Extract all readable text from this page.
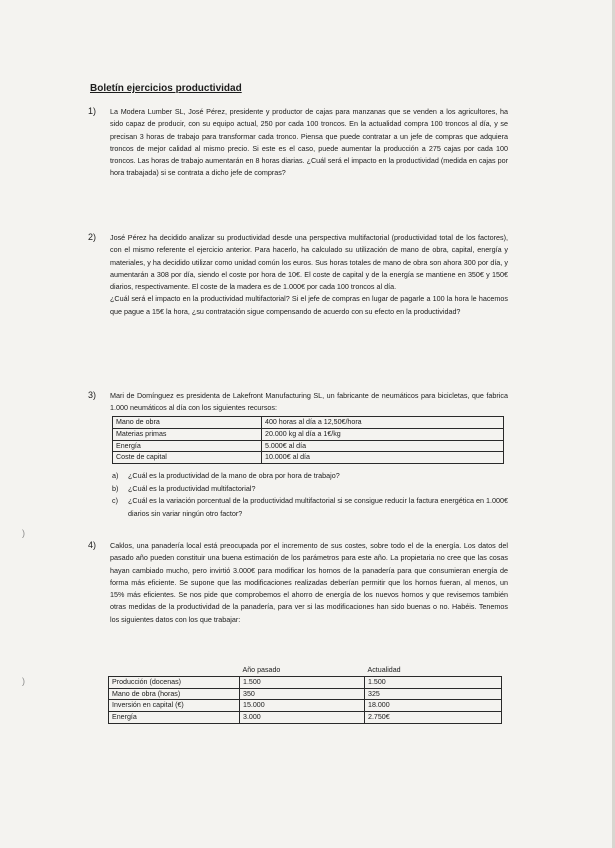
Boletín ejercicios productividad
1) La Modera Lumber SL, José Pérez, presidente y productor de cajas para manzanas que se venden a los agricultores, ha sido capaz de producir, con su equipo actual, 250 por cada 100 troncos. En la actualidad compra 100 troncos al día, y se precisan 3 horas de trabajo para transformar cada tronco. Piensa que puede contratar a un jefe de compras que adquiera troncos de mejor calidad al mismo precio. Si este es el caso, puede aumentar la producción a 275 cajas por cada 100 troncos. Las horas de trabajo aumentarán en 8 horas diarias. ¿Cuál será el impacto en la productividad (medida en cajas por hora trabajada) si se contrata a dicho jefe de compras?

2) José Pérez ha decidido analizar su productividad desde una perspectiva multifactorial (productividad total de los factores), con el mismo referente el ejercicio anterior. Para hacerlo, ha calculado su utilización de mano de obra, capital, energía y materiales, y ha decidido utilizar como unidad común los euros. Sus horas totales de mano de obra son ahora 300 por día, y aumentarán a 308 por día, siendo el coste por hora de 10€. El coste de capital y de la energía se mantiene en 350€ y 150€ diarios, respectivamente. El coste de la madera es de 1.000€ por cada 100 troncos al día.

¿Cuál será el impacto en la productividad multifactorial? Si el jefe de compras en lugar de pagarle a 100 la hora le hacemos que pague a 15€ la hora, ¿su contratación sigue compensando de acuerdo con su efecto en la productividad?

3) Mari de Domínguez es presidenta de Lakefront Manufacturing SL, un fabricante de neumáticos para bicicletas, que fabrica 1.000 neumáticos al día con los siguientes recursos:

Mano de obra	400 horas al día a 12,50€/hora
Materias primas	20.000 kg al día a 1€/kg
Energía	5.000€ al día
Coste de capital	10.000€ al día
a) ¿Cuál es la productividad de la mano de obra por hora de trabajo?
b) ¿Cuál es la productividad multifactorial?
c) ¿Cuál es la variación porcentual de la productividad multifactorial si se consigue reducir la factura energética en 1.000€ diarios sin variar ningún otro factor?
4) Caklos, una panadería local está preocupada por el incremento de sus costes, sobre todo el de la energía. Los datos del pasado año pueden constituir una buena estimación de los parámetros para este año. La propietaria no cree que las cosas hayan cambiado mucho, pero invirtió 3.000€ para modificar los hornos de la panadería para que consumieran energía de forma más eficiente. Se supone que las modificaciones realizadas deberían permitir que los hornos fueran, al menos, un 15% más eficientes. Se nos pide que comprobemos el ahorro de energía de los nuevos hornos y que revisemos también otras medidas de la productividad de la panadería, para ver si las modificaciones han sido buenas o no. Habéis. Tenemos los siguientes datos con los que trabajar:

	Año pasado	Actualidad
Producción (docenas)	1.500	1.500
Mano de obra (horas)	350	325
Inversión en capital (€)	15.000	18.000
Energía	3.000	2.750€
)
)
